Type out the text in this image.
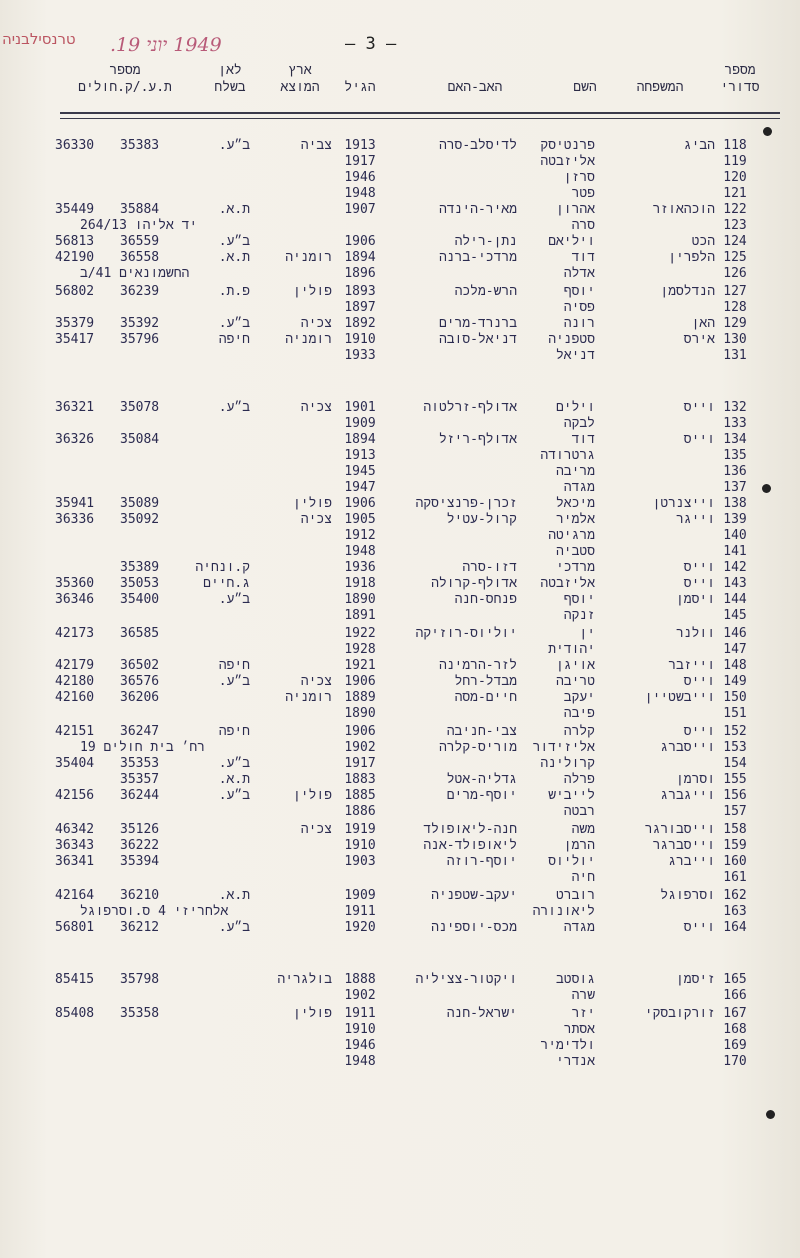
טרנסילבניה 1949 יוני 19.	— 3 —
מספר
סדורי
המשפחה
השם
האב-האם
הגיל
ארץ
המוצא
לאן
בשלח
מספר
ת.ע./ק.חולים
118
הביג
פרנטיסק
לדיסלב-סרה
1913
צביה
ב״ע.
35383
36330
119
אליזבטה
1917
120
סרזן
1946
121
פטר
1948
122
הוכהאוזר
אהרון
מאיר-הינדה
1907
ת.א.
35884
35449
123
סרה
יד אליהו 264/13
124
הכט
ויליאם
נתן-רילה
1906
ב״ע.
36559
56813
125
הלפרין
דוד
מרדכי-ברנה
1894
רומניה
ת.א.
36558
42190
126
אדלה
1896
החשמונאים 41/ב
127
הנדלסמן
יוסף
הרש-מלכה
1893
פולין
פ.ת.
36239
56802
128
פסיה
1897
129
האן
רונה
ברנרד-מרים
1892
צכיה
ב״ע.
35392
35379
130
אירס
סטפניה
דניאל-סובה
1910
רומניה
חיפה
35796
35417
131
דניאל
1933
132
וייס
וילים
אדולף-זרלטוה
1901
צכיה
ב״ע.
35078
36321
133
לבקה
1909
134
וייס
דוד
אדולף-ריזל
1894
35084
36326
135
גרטרודה
1913
136
מריבה
1945
137
מגדה
1947
138
וייצנרטן
מיכאל
זכרן-פרנציסקה
1906
פולין
35089
35941
139
וייגר
אלמיר
קרול-עטיל
1905
צכיה
35092
36336
140
מרגיטה
1912
141
סטביה
1948
142
וייס
מרדכי
דזו-סרה
1936
ק.ונחיה
35389
143
וייס
אליזבטה
אדולף-קרולה
1918
ג.חיים
35053
35360
144
ויסמן
יוסף
פנחס-חנה
1890
ב״ע.
35400
36346
145
זנקה
1891
146
וולנר
ין
יוליוס-רוזיקה
1922
36585
42173
147
יהודית
1928
148
וייזבר
אויגן
לזר-הרמינה
1921
חיפה
36502
42179
149
וייס
טריבה
מבדל-רחל
1906
צכיה
ב״ע.
36576
42180
150
וייבשטיין
יעקב
חיים-מסה
1889
רומניה
36206
42160
151
פיבה
1890
152
וייס
קלרה
צבי-חניבה
1906
חיפה
36247
42151
153
וייסברג
אליזידור
מוריס-קלרה
1902
רח׳ בית חולים 19
154
קרולינה
1917
ב״ע.
35353
35404
155
וסרמן
פרלה
גדליה-אטל
1883
ת.א.
35357
156
וייגברג
לייביש
יוסף-מרים
1885
פולין
ב״ע.
36244
42156
157
רבטה
1886
158
וייסבורגר
משה
חנה-ליאופולד
1919
צכיה
35126
46342
159
וייסברגר
הרמן
ליאופולד-אנה
1910
36222
36343
160
וייברג
יוליוס
יוסף-רוזה
1903
35394
36341
161
חיה
162
וסרפוגל
רוברט
יעקב-שטפניה
1909
ת.א.
36210
42164
163
ליאונורה
1911
אלחריזי 4 ס.וסרפוגל
164
וייס
מגדה
מכס-יוספינה
1920
ב״ע.
36212
56801
165
זיסמן
גוסטב
ויקטור-צציליה
1888
בולגריה
35798
85415
166
שרה
1902
167
זורקובסקי
יזר
ישראל-חנה
1911
פולין
35358
85408
168
אסתר
1910
169
ולדימיר
1946
170
אנדרי
1948
